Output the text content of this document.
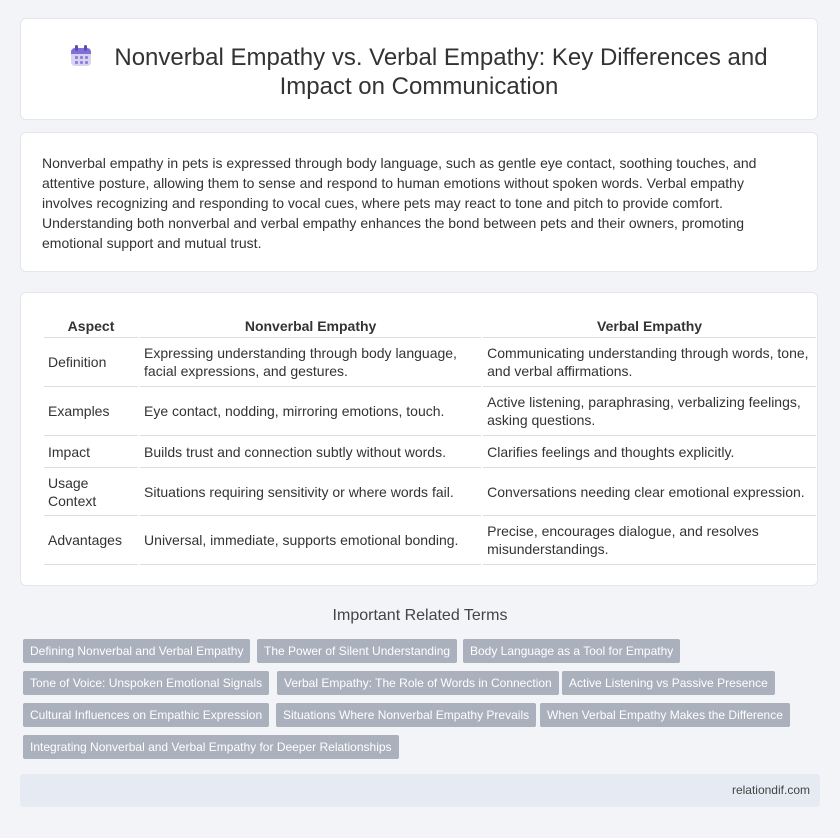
Nonverbal Empathy vs. Verbal Empathy: Key Differences and
Impact on Communication

Nonverbal empathy in pets is expressed through body language, such as gentle eye contact, soothing touches, and attentive posture, allowing them to sense and respond to human emotions without spoken words. Verbal empathy involves recognizing and responding to vocal cues, where pets may react to tone and pitch to provide comfort. Understanding both nonverbal and verbal empathy enhances the bond between pets and their owners, promoting emotional support and mutual trust.

Aspect	Nonverbal Empathy	Verbal Empathy
Definition	Expressing understanding through body language, facial expressions, and gestures.	Communicating understanding through words, tone, and verbal affirmations.
Examples	Eye contact, nodding, mirroring emotions, touch.	Active listening, paraphrasing, verbalizing feelings, asking questions.
Impact	Builds trust and connection subtly without words.	Clarifies feelings and thoughts explicitly.
Usage Context	Situations requiring sensitivity or where words fail.	Conversations needing clear emotional expression.
Advantages	Universal, immediate, supports emotional bonding.	Precise, encourages dialogue, and resolves misunderstandings.
Important Related Terms
Defining Nonverbal and Verbal Empathy	The Power of Silent Understanding	Body Language as a Tool for Empathy
Tone of Voice: Unspoken Emotional Signals	Verbal Empathy: The Role of Words in Connection	Active Listening vs Passive Presence
Cultural Influences on Empathic Expression	Situations Where Nonverbal Empathy Prevails	When Verbal Empathy Makes the Difference
Integrating Nonverbal and Verbal Empathy for Deeper Relationships
relationdif.com
